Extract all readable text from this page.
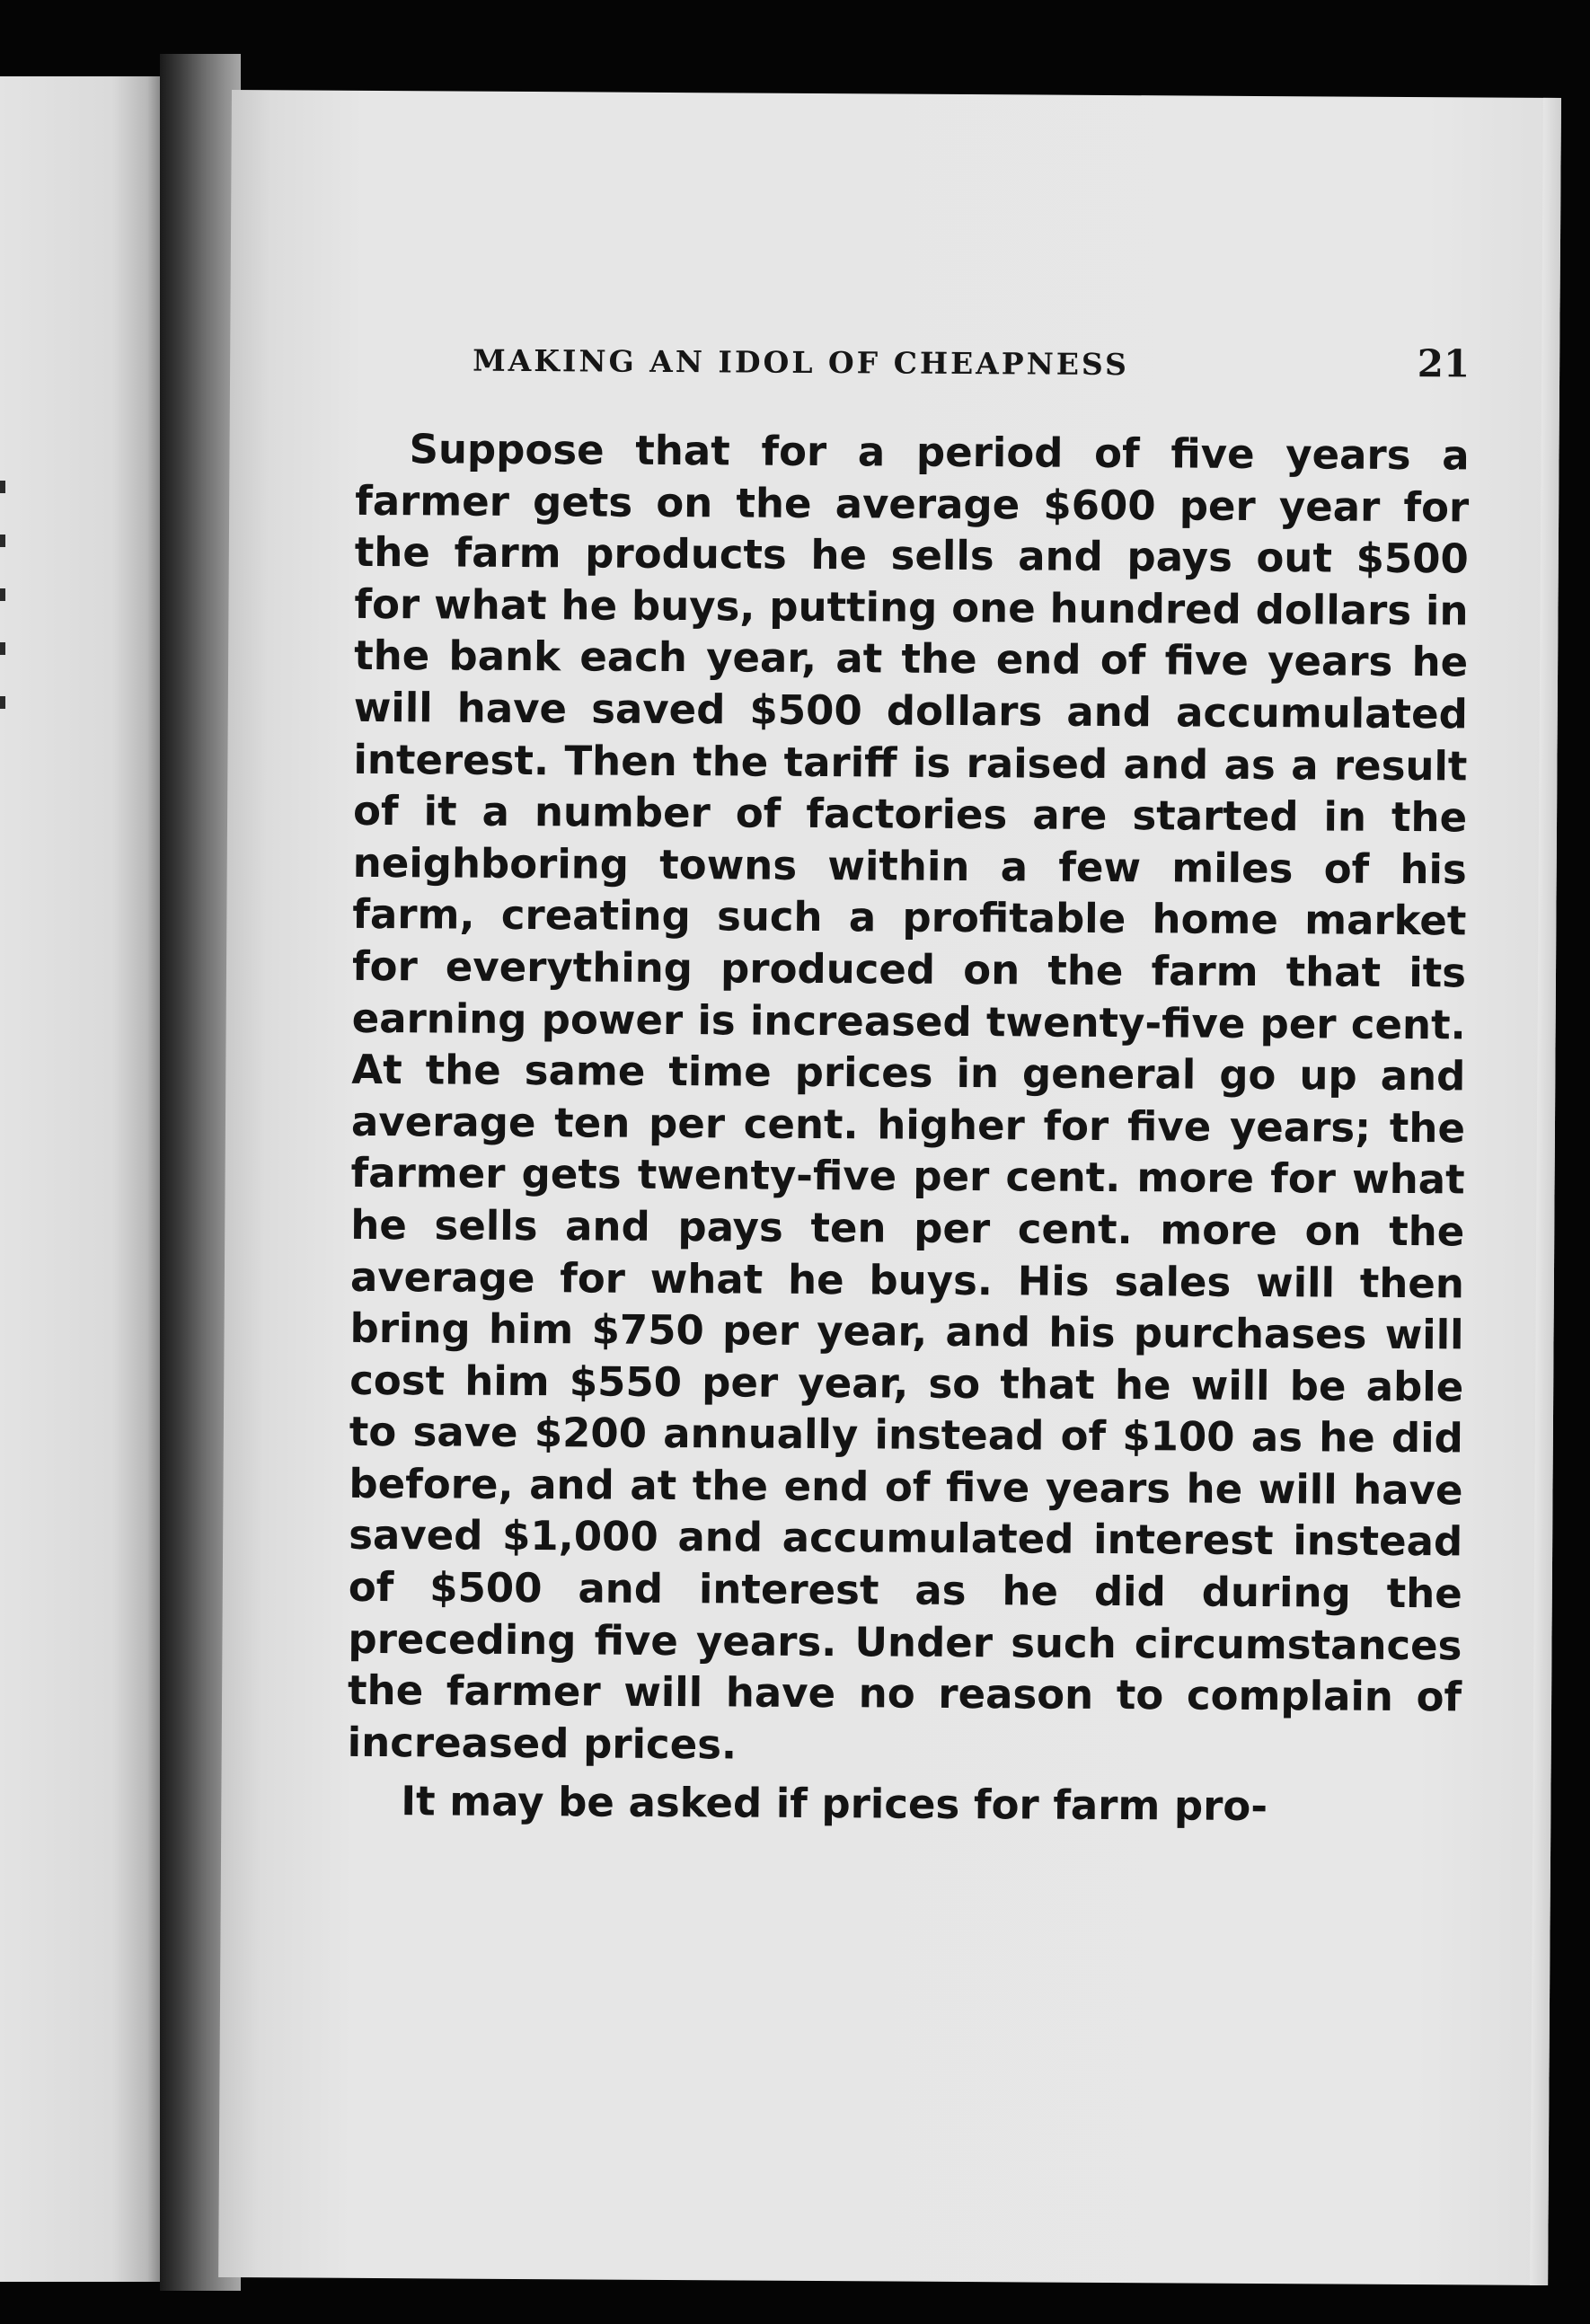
MAKING AN IDOL OF CHEAPNESS	21

Suppose that for a period of five years a farmer gets on the average $600 per year for the farm products he sells and pays out $500 for what he buys, putting one hundred dollars in the bank each year, at the end of five years he will have saved $500 dollars and accumulated interest. Then the tariff is raised and as a result of it a number of factories are started in the neighboring towns within a few miles of his farm, creating such a profitable home market for everything produced on the farm that its earning power is increased twenty-five per cent. At the same time prices in general go up and average ten per cent. higher for five years; the farmer gets twenty-five per cent. more for what he sells and pays ten per cent. more on the average for what he buys. His sales will then bring him $750 per year, and his purchases will cost him $550 per year, so that he will be able to save $200 annually instead of $100 as he did before, and at the end of five years he will have saved $1,000 and accumulated interest instead of $500 and interest as he did during the preceding five years. Under such circumstances the farmer will have no reason to complain of increased prices.

It may be asked if prices for farm pro-
